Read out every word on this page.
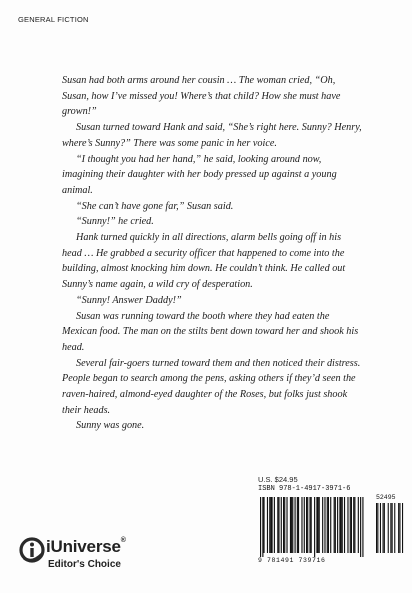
GENERAL FICTION

Susan had both arms around her cousin … The woman cried, “Oh, Susan, how I’ve missed you! Where’s that child? How she must have grown!”

Susan turned toward Hank and said, “She’s right here. Sunny? Henry, where’s Sunny?” There was some panic in her voice.

“I thought you had her hand,” he said, looking around now, imagining their daughter with her body pressed up against a young animal.

“She can’t have gone far,” Susan said.

“Sunny!” he cried.

Hank turned quickly in all directions, alarm bells going off in his head … He grabbed a security officer that happened to come into the building, almost knocking him down. He couldn’t think. He called out Sunny’s name again, a wild cry of desperation.

“Sunny! Answer Daddy!”

Susan was running toward the booth where they had eaten the Mexican food. The man on the stilts bent down toward her and shook his head.

Several fair-goers turned toward them and then noticed their distress. People began to search among the pens, asking others if they’d seen the raven-haired, almond-eyed daughter of the Roses, but folks just shook their heads.

Sunny was gone.

iUniverse®
Editor's Choice
U.S. $24.95
ISBN 978-1-4917-3971-6
52495
9 781491 739716
